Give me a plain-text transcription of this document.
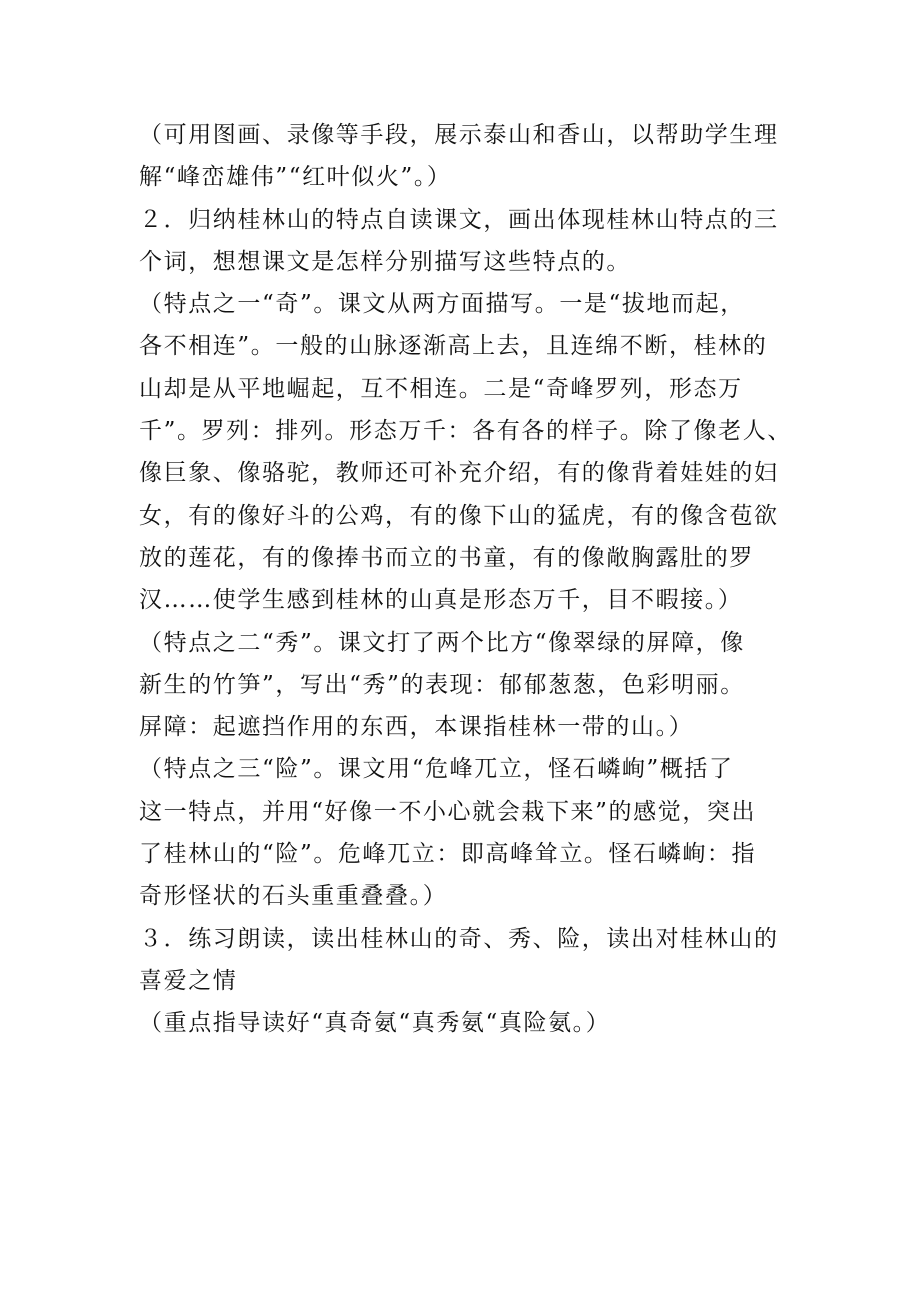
（可用图画、录像等手段，展示泰山和香山，以帮助学生理
解“峰峦雄伟”“红叶似火”。）
２．归纳桂林山的特点自读课文，画出体现桂林山特点的三
个词，想想课文是怎样分别描写这些特点的。
（特点之一“奇”。课文从两方面描写。一是“拔地而起，
各不相连”。一般的山脉逐渐高上去，且连绵不断，桂林的
山却是从平地崛起，互不相连。二是“奇峰罗列，形态万
千”。罗列：排列。形态万千：各有各的样子。除了像老人、
像巨象、像骆驼，教师还可补充介绍，有的像背着娃娃的妇
女，有的像好斗的公鸡，有的像下山的猛虎，有的像含苞欲
放的莲花，有的像捧书而立的书童，有的像敞胸露肚的罗
汉……使学生感到桂林的山真是形态万千，目不暇接。）
（特点之二“秀”。课文打了两个比方“像翠绿的屏障，像
新生的竹笋”，写出“秀”的表现：郁郁葱葱，色彩明丽。
屏障：起遮挡作用的东西，本课指桂林一带的山。）
（特点之三“险”。课文用“危峰兀立，怪石嶙峋”概括了
这一特点，并用“好像一不小心就会栽下来”的感觉，突出
了桂林山的“险”。危峰兀立：即高峰耸立。怪石嶙峋：指
奇形怪状的石头重重叠叠。）
３．练习朗读，读出桂林山的奇、秀、险，读出对桂林山的
喜爱之情
（重点指导读好“真奇氨“真秀氨“真险氨。）
